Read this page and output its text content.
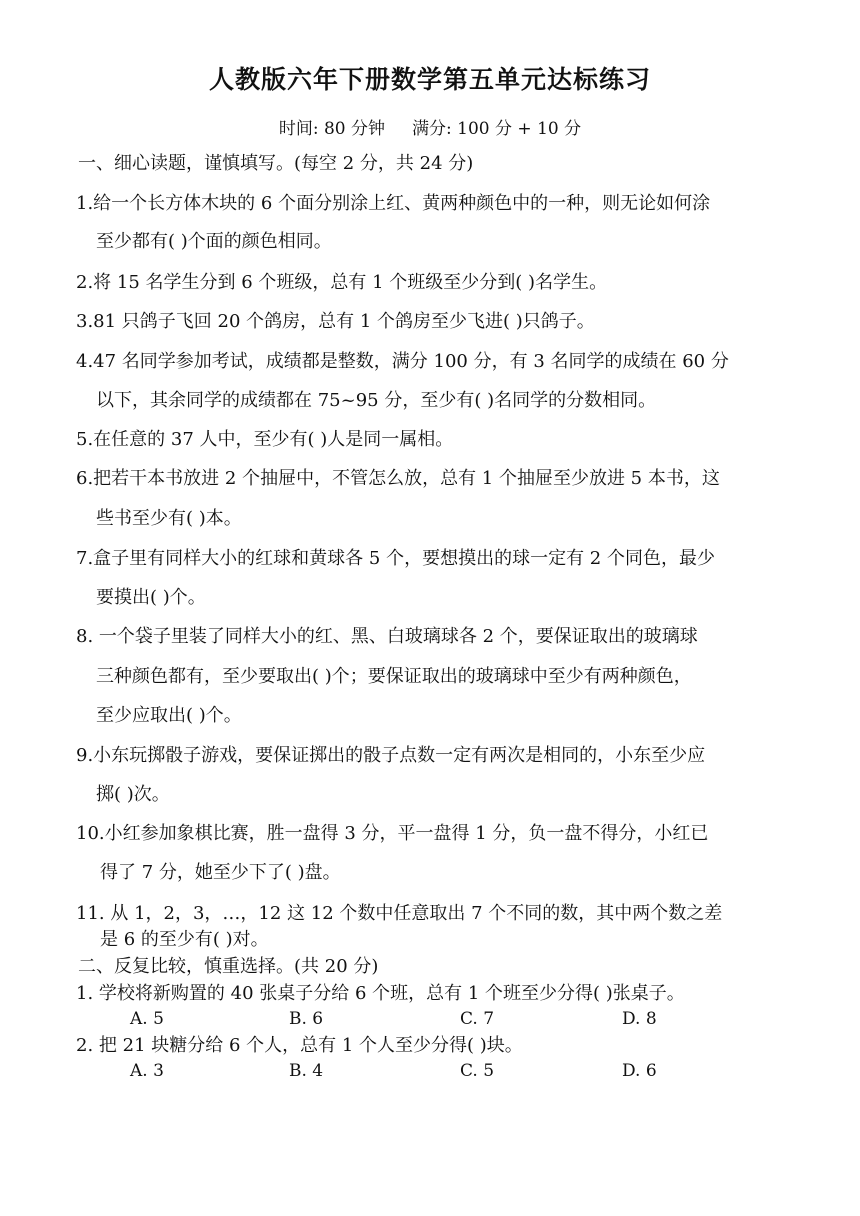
人教版六年下册数学第五单元达标练习
时间: 80 分钟     满分: 100 分 + 10 分
一、细心读题，谨慎填写。(每空 2 分，共 24 分)
1.给一个长方体木块的 6 个面分别涂上红、黄两种颜色中的一种，则无论如何涂
至少都有( )个面的颜色相同。
2.将 15 名学生分到 6 个班级，总有 1 个班级至少分到( )名学生。
3.81 只鸽子飞回 20 个鸽房，总有 1 个鸽房至少飞进( )只鸽子。
4.47 名同学参加考试，成绩都是整数，满分 100 分，有 3 名同学的成绩在 60 分
以下，其余同学的成绩都在 75~95 分，至少有( )名同学的分数相同。
5.在任意的 37 人中，至少有( )人是同一属相。
6.把若干本书放进 2 个抽屉中，不管怎么放，总有 1 个抽屉至少放进 5 本书，这
些书至少有( )本。
7.盒子里有同样大小的红球和黄球各 5 个，要想摸出的球一定有 2 个同色，最少
要摸出( )个。
8. 一个袋子里装了同样大小的红、黑、白玻璃球各 2 个，要保证取出的玻璃球
三种颜色都有，至少要取出( )个；要保证取出的玻璃球中至少有两种颜色，
至少应取出( )个。
9.小东玩掷骰子游戏，要保证掷出的骰子点数一定有两次是相同的，小东至少应
掷( )次。
10.小红参加象棋比赛，胜一盘得 3 分，平一盘得 1 分，负一盘不得分，小红已
得了 7 分，她至少下了( )盘。
11. 从 1，2，3，…，12 这 12 个数中任意取出 7 个不同的数，其中两个数之差
是 6 的至少有( )对。
二、反复比较，慎重选择。(共 20 分)
1. 学校将新购置的 40 张桌子分给 6 个班，总有 1 个班至少分得( )张桌子。
A. 5	B. 6	C. 7	D. 8
2. 把 21 块糖分给 6 个人，总有 1 个人至少分得( )块。
A. 3	B. 4	C. 5	D. 6
